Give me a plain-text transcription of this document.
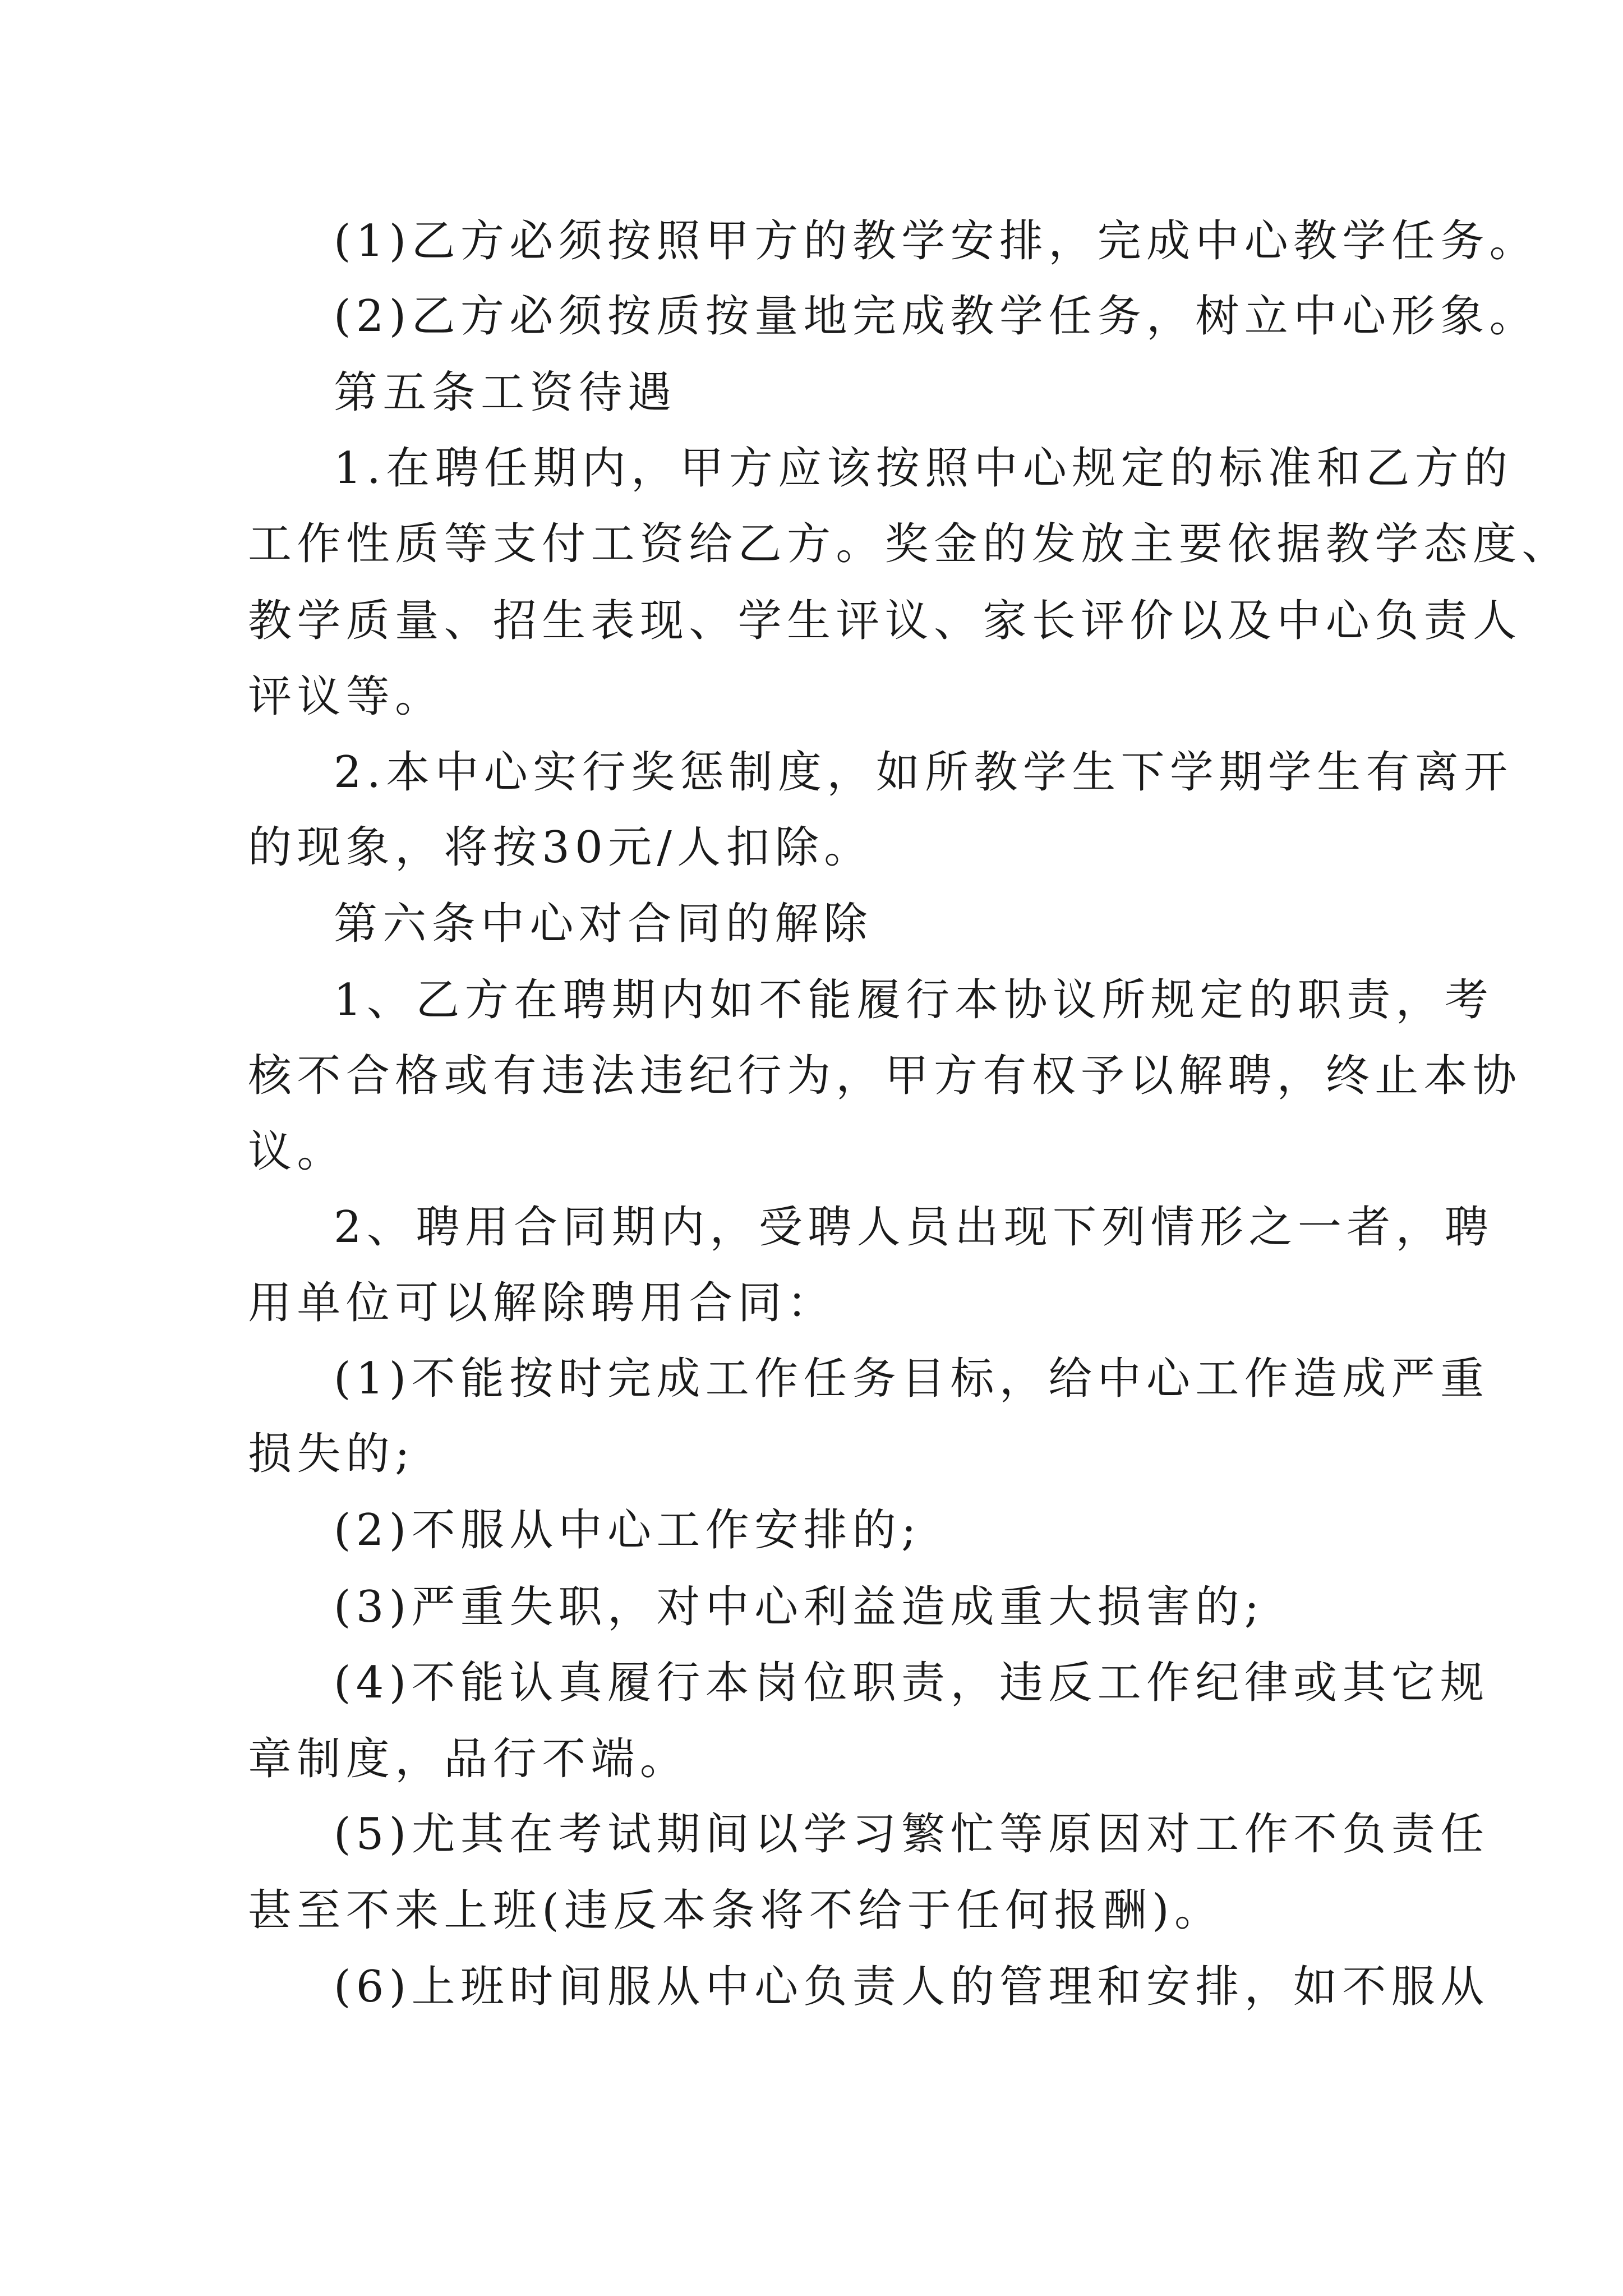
(1)乙方必须按照甲方的教学安排，完成中心教学任务。
(2)乙方必须按质按量地完成教学任务，树立中心形象。
第五条工资待遇
1.在聘任期内，甲方应该按照中心规定的标准和乙方的
工作性质等支付工资给乙方。奖金的发放主要依据教学态度、
教学质量、招生表现、学生评议、家长评价以及中心负责人
评议等。
2.本中心实行奖惩制度，如所教学生下学期学生有离开
的现象，将按30元/人扣除。
第六条中心对合同的解除
1、乙方在聘期内如不能履行本协议所规定的职责，考
核不合格或有违法违纪行为，甲方有权予以解聘，终止本协
议。
2、聘用合同期内，受聘人员出现下列情形之一者，聘
用单位可以解除聘用合同：
(1)不能按时完成工作任务目标，给中心工作造成严重
损失的;
(2)不服从中心工作安排的;
(3)严重失职，对中心利益造成重大损害的;
(4)不能认真履行本岗位职责，违反工作纪律或其它规
章制度，品行不端。
(5)尤其在考试期间以学习繁忙等原因对工作不负责任
甚至不来上班(违反本条将不给于任何报酬)。
(6)上班时间服从中心负责人的管理和安排，如不服从
